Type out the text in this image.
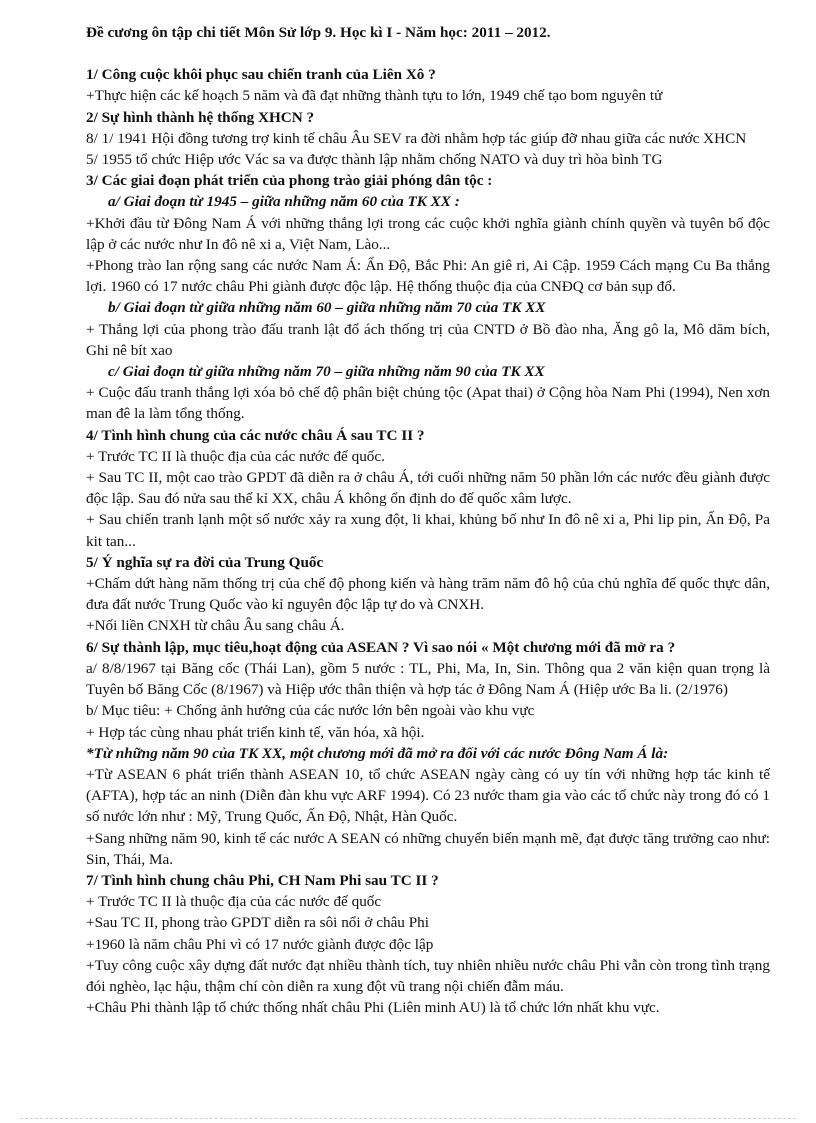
Đề cương ôn tập chi tiết Môn Sử lớp 9. Học kì I - Năm học: 2011 – 2012.
1/ Công cuộc khôi phục sau chiến tranh của Liên Xô ?
+Thực hiện các kế hoạch 5 năm và đã đạt những thành tựu to lớn, 1949 chế tạo bom nguyên tử
2/ Sự hình thành hệ thống XHCN ?
8/ 1/ 1941 Hội đồng tương trợ kinh tế châu Âu SEV ra đời nhằm hợp tác giúp đỡ nhau giữa các nước XHCN
5/ 1955 tổ chức Hiệp ước Vác sa va được thành lập nhằm chống NATO và duy trì hòa bình TG
3/ Các giai đoạn phát triển của phong trào giải phóng dân tộc :
a/ Giai đoạn từ 1945 – giữa những năm 60 của TK XX :
+Khởi đầu từ Đông Nam Á với những thắng lợi trong các cuộc khởi nghĩa giành chính quyền và tuyên bố độc lập ở các nước như In đô nê xi a, Việt Nam, Lào...
+Phong trào lan rộng sang các nước Nam Á: Ấn Độ, Bắc Phi: An giê ri, Ai Cập. 1959 Cách mạng Cu Ba thắng lợi. 1960 có 17 nước châu Phi giành được độc lập. Hệ thống thuộc địa của CNĐQ cơ bản sụp đổ.
b/ Giai đoạn từ giữa những năm 60 – giữa những năm 70 của TK XX
+ Thắng lợi của phong trào đấu tranh lật đổ ách thống trị của CNTD ở Bồ đào nha, Ăng gô la, Mô dăm bích, Ghi nê bít xao
c/ Giai đoạn từ giữa những năm 70 – giữa những năm 90 của TK XX
+ Cuộc đấu tranh thắng lợi xóa bỏ chế độ phân biệt chủng tộc (Apat thai) ở Cộng hòa Nam Phi (1994), Nen xơn man đê la làm tổng thống.
4/ Tình hình chung của các nước châu Á sau TC II ?
+ Trước TC II là thuộc địa của các nước đế quốc.
+ Sau TC II, một cao trào GPDT đã diễn ra ở châu Á, tới cuối những năm 50 phần lớn các nước đều giành được độc lập. Sau đó nửa sau thế kỉ XX, châu Á không ổn định do đế quốc xâm lược.
+ Sau chiến tranh lạnh một số nước xảy ra xung đột, li khai, khủng bố như In đô nê xi a, Phi lip pin, Ấn Độ, Pa kit tan...
5/ Ý nghĩa sự ra đời của Trung Quốc
+Chấm dứt hàng năm thống trị của chế độ phong kiến và hàng trăm năm đô hộ của chủ nghĩa đế quốc thực dân, đưa đất nước Trung Quốc vào kỉ nguyên độc lập tự do và CNXH.
+Nối liền CNXH từ châu Âu sang châu Á.
6/ Sự thành lập, mục tiêu,hoạt động của ASEAN ? Vì sao nói « Một chương mới đã mở ra ?
a/ 8/8/1967 tại Băng cốc (Thái Lan), gồm 5 nước : TL, Phi, Ma, In, Sin. Thông qua 2 văn kiện quan trọng là Tuyên bố Băng Cốc (8/1967) và Hiệp ước thân thiện và hợp tác ở Đông Nam Á (Hiệp ước Ba li. (2/1976)
b/ Mục tiêu: + Chống ảnh hưởng của các nước lớn bên ngoài vào khu vực
+ Hợp tác cùng nhau phát triển kinh tế, văn hóa, xã hội.
*Từ những năm 90 của TK XX, một chương mới đã mở ra đối với các nước Đông Nam Á là:
+Từ ASEAN 6 phát triển thành ASEAN 10, tổ chức ASEAN ngày càng có uy tín với những hợp tác kinh tế (AFTA), hợp tác an ninh (Diễn đàn khu vực ARF 1994). Có 23 nước tham gia vào các tổ chức này trong đó có 1 số nước lớn như : Mỹ, Trung Quốc, Ấn Độ, Nhật, Hàn Quốc.
+Sang những năm 90, kinh tế các nước A SEAN có những chuyển biến mạnh mẽ, đạt được tăng trưởng cao như: Sin, Thái, Ma.
7/ Tình hình chung châu Phi, CH Nam Phi sau TC II ?
+ Trước TC II là thuộc địa của các nước đế quốc
+Sau TC II, phong trào GPDT diễn ra sôi nổi ở châu Phi
+1960 là năm châu Phi vì có 17 nước giành được độc lập
+Tuy công cuộc xây dựng đất nước đạt nhiều thành tích, tuy nhiên nhiều nước châu Phi vẫn còn trong tình trạng đói nghèo, lạc hậu, thậm chí còn diễn ra xung đột vũ trang nội chiến đẫm máu.
+Châu Phi thành lập tổ chức thống nhất châu Phi (Liên minh AU) là tổ chức lớn nhất khu vực.
